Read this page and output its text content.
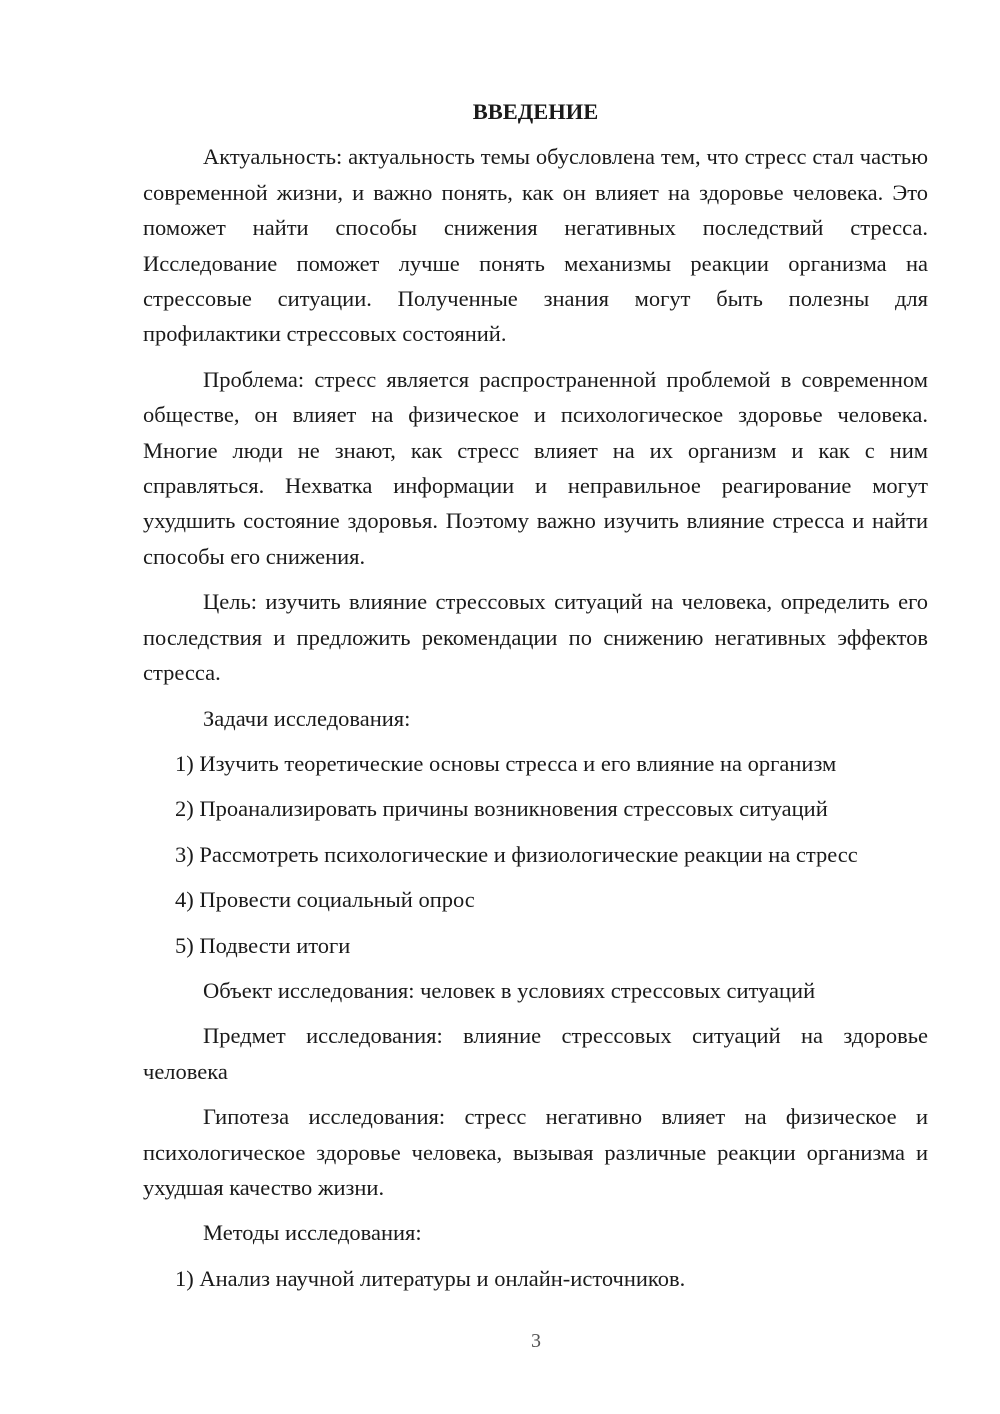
ВВЕДЕНИЕ
Актуальность: актуальность темы обусловлена тем, что стресс стал частью современной жизни, и важно понять, как он влияет на здоровье человека. Это поможет найти способы снижения негативных последствий стресса. Исследование поможет лучше понять механизмы реакции организма на стрессовые ситуации. Полученные знания могут быть полезны для профилактики стрессовых состояний.
Проблема: стресс является распространенной проблемой в современном обществе, он влияет на физическое и психологическое здоровье человека. Многие люди не знают, как стресс влияет на их организм и как с ним справляться. Нехватка информации и неправильное реагирование могут ухудшить состояние здоровья. Поэтому важно изучить влияние стресса и найти способы его снижения.
Цель: изучить влияние стрессовых ситуаций на человека, определить его последствия и предложить рекомендации по снижению негативных эффектов стресса.
Задачи исследования:
1) Изучить теоретические основы стресса и его влияние на организм
2) Проанализировать причины возникновения стрессовых ситуаций
3) Рассмотреть психологические и физиологические реакции на стресс
4) Провести социальный опрос
5) Подвести итоги
Объект исследования: человек в условиях стрессовых ситуаций
Предмет исследования: влияние стрессовых ситуаций на здоровье человека
Гипотеза исследования: стресс негативно влияет на физическое и психологическое здоровье человека, вызывая различные реакции организма и ухудшая качество жизни.
Методы исследования:
1) Анализ научной литературы и онлайн-источников.
3
